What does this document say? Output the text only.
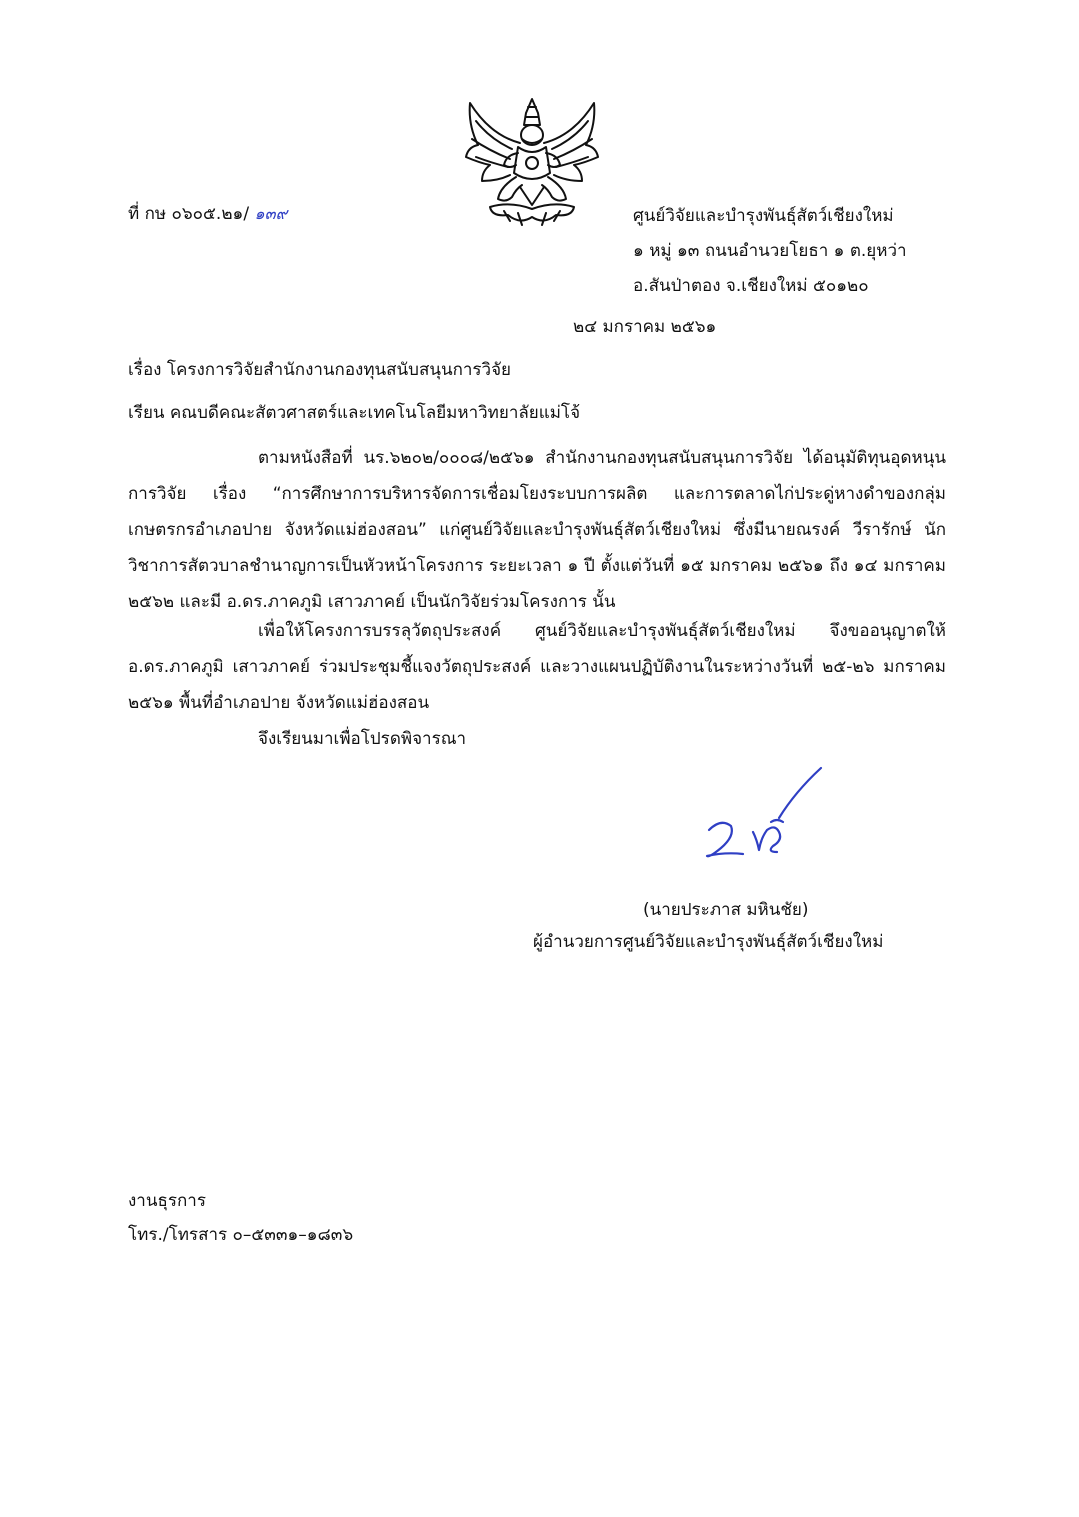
ที่ กษ ๐๖๐๕.๒๑/ ๑๓๙	ศูนย์วิจัยและบำรุงพันธุ์สัตว์เชียงใหม่
๑ หมู่ ๑๓ ถนนอำนวยโยธา ๑ ต.ยุหว่า
อ.สันป่าตอง จ.เชียงใหม่ ๕๐๑๒๐
๒๔ มกราคม ๒๕๖๑
เรื่อง โครงการวิจัยสำนักงานกองทุนสนับสนุนการวิจัย
เรียน คณบดีคณะสัตวศาสตร์และเทคโนโลยีมหาวิทยาลัยแม่โจ้
ตามหนังสือที่ นร.๖๒๐๒/๐๐๐๘/๒๕๖๑ สำนักงานกองทุนสนับสนุนการวิจัย ได้อนุมัติทุนอุดหนุนการวิจัย เรื่อง “การศึกษาการบริหารจัดการเชื่อมโยงระบบการผลิต และการตลาดไก่ประดู่หางดำของกลุ่มเกษตรกรอำเภอปาย จังหวัดแม่ฮ่องสอน” แก่ศูนย์วิจัยและบำรุงพันธุ์สัตว์เชียงใหม่ ซึ่งมีนายณรงค์ วีรารักษ์ นักวิชาการสัตวบาลชำนาญการเป็นหัวหน้าโครงการ ระยะเวลา ๑ ปี ตั้งแต่วันที่ ๑๕ มกราคม ๒๕๖๑ ถึง ๑๔ มกราคม ๒๕๖๒ และมี อ.ดร.ภาคภูมิ เสาวภาคย์ เป็นนักวิจัยร่วมโครงการ นั้น
เพื่อให้โครงการบรรลุวัตถุประสงค์ ศูนย์วิจัยและบำรุงพันธุ์สัตว์เชียงใหม่ จึงขออนุญาตให้ อ.ดร.ภาคภูมิ เสาวภาคย์ ร่วมประชุมชี้แจงวัตถุประสงค์ และวางแผนปฏิบัติงานในระหว่างวันที่ ๒๕-๒๖ มกราคม ๒๕๖๑ พื้นที่อำเภอปาย จังหวัดแม่ฮ่องสอน
จึงเรียนมาเพื่อโปรดพิจารณา
(นายประภาส มหินชัย)
ผู้อำนวยการศูนย์วิจัยและบำรุงพันธุ์สัตว์เชียงใหม่
งานธุรการ
โทร./โทรสาร ๐–๕๓๓๑–๑๘๓๖
